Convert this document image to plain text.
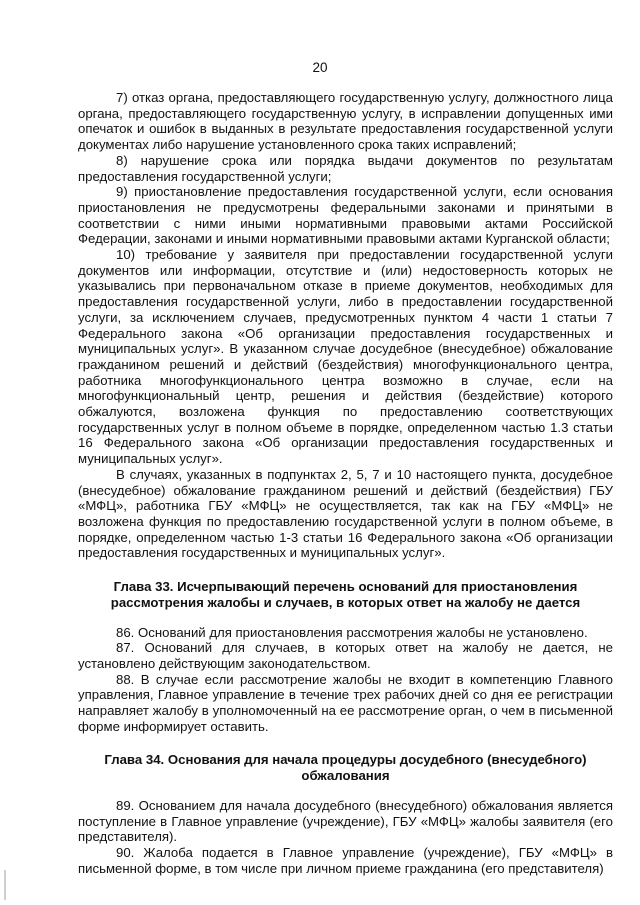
20

7) отказ органа, предоставляющего государственную услугу, должностного лица органа, предоставляющего государственную услугу, в исправлении допущенных ими опечаток и ошибок в выданных в результате предоставления государственной услуги документах либо нарушение установленного срока таких исправлений;

8) нарушение срока или порядка выдачи документов по результатам предоставления государственной услуги;

9) приостановление предоставления государственной услуги, если основания приостановления не предусмотрены федеральными законами и принятыми в соответствии с ними иными нормативными правовыми актами Российской Федерации, законами и иными нормативными правовыми актами Курганской области;

10) требование у заявителя при предоставлении государственной услуги документов или информации, отсутствие и (или) недостоверность которых не указывались при первоначальном отказе в приеме документов, необходимых для предоставления государственной услуги, либо в предоставлении государственной услуги, за исключением случаев, предусмотренных пунктом 4 части 1 статьи 7 Федерального закона «Об организации предоставления государственных и муниципальных услуг». В указанном случае досудебное (внесудебное) обжалование гражданином решений и действий (бездействия) многофункционального центра, работника многофункционального центра возможно в случае, если на многофункциональный центр, решения и действия (бездействие) которого обжалуются, возложена функция по предоставлению соответствующих государственных услуг в полном объеме в порядке, определенном частью 1.3 статьи 16 Федерального закона «Об организации предоставления государственных и муниципальных услуг».

В случаях, указанных в подпунктах 2, 5, 7 и 10 настоящего пункта, досудебное (внесудебное) обжалование гражданином решений и действий (бездействия) ГБУ «МФЦ», работника ГБУ «МФЦ» не осуществляется, так как на ГБУ «МФЦ» не возложена функция по предоставлению государственной услуги в полном объеме, в порядке, определенном частью 1-3 статьи 16 Федерального закона «Об организации предоставления государственных и муниципальных услуг».

Глава 33. Исчерпывающий перечень оснований для приостановления рассмотрения жалобы и случаев, в которых ответ на жалобу не дается

86. Оснований для приостановления рассмотрения жалобы не установлено.

87. Оснований для случаев, в которых ответ на жалобу не дается, не установлено действующим законодательством.

88. В случае если рассмотрение жалобы не входит в компетенцию Главного управления, Главное управление в течение трех рабочих дней со дня ее регистрации направляет жалобу в уполномоченный на ее рассмотрение орган, о чем в письменной форме информирует оставить.

Глава 34. Основания для начала процедуры досудебного (внесудебного) обжалования

89. Основанием для начала досудебного (внесудебного) обжалования является поступление в Главное управление (учреждение), ГБУ «МФЦ» жалобы заявителя (его представителя).

90. Жалоба подается в Главное управление (учреждение), ГБУ «МФЦ» в письменной форме, в том числе при личном приеме гражданина (его представителя)
